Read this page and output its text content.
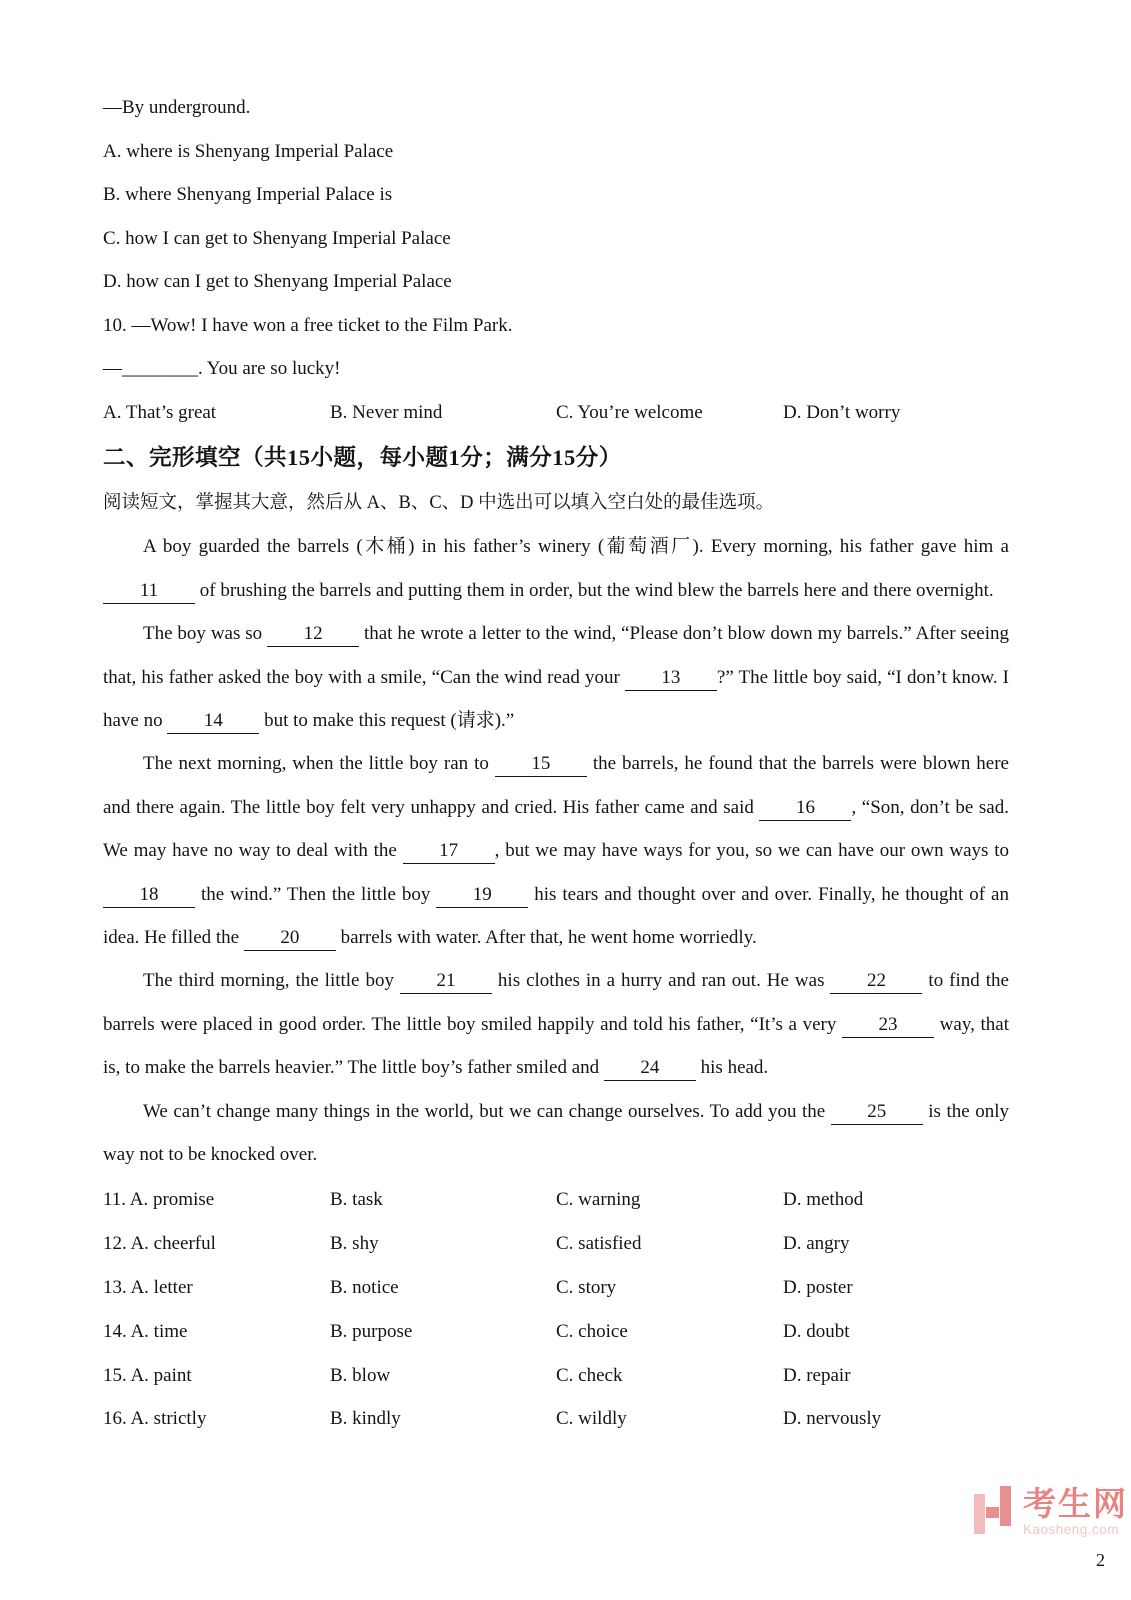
—By underground.
A. where is Shenyang Imperial Palace
B. where Shenyang Imperial Palace is
C. how I can get to Shenyang Imperial Palace
D. how can I get to Shenyang Imperial Palace
10. —Wow! I have won a free ticket to the Film Park.
—________. You are so lucky!
A. That’s great	B. Never mind	C. You’re welcome	D. Don’t worry
二、完形填空（共15小题，每小题1分；满分15分）
阅读短文，掌握其大意，然后从 A、B、C、D 中选出可以填入空白处的最佳选项。
A boy guarded the barrels (木桶) in his father’s winery (葡萄酒厂). Every morning, his father gave him a   11   of brushing the barrels and putting them in order, but the wind blew the barrels here and there overnight.
The boy was so   12   that he wrote a letter to the wind, “Please don’t blow down my barrels.” After seeing that, his father asked the boy with a smile, “Can the wind read your   13  ?” The little boy said, “I don’t know. I have no   14   but to make this request (请求).”
The next morning, when the little boy ran to   15   the barrels, he found that the barrels were blown here and there again. The little boy felt very unhappy and cried. His father came and said   16  , “Son, don’t be sad. We may have no way to deal with the   17  , but we may have ways for you, so we can have our own ways to   18   the wind.” Then the little boy   19   his tears and thought over and over. Finally, he thought of an idea. He filled the   20   barrels with water. After that, he went home worriedly.
The third morning, the little boy   21   his clothes in a hurry and ran out. He was   22   to find the barrels were placed in good order. The little boy smiled happily and told his father, “It’s a very   23   way, that is, to make the barrels heavier.” The little boy’s father smiled and   24   his head.
We can’t change many things in the world, but we can change ourselves. To add you the   25   is the only way not to be knocked over.
11. A. promise	B. task	C. warning	D. method
12. A. cheerful	B. shy	C. satisfied	D. angry
13. A. letter	B. notice	C. story	D. poster
14. A. time	B. purpose	C. choice	D. doubt
15. A. paint	B. blow	C. check	D. repair
16. A. strictly	B. kindly	C. wildly	D. nervously
考生网
Kaosheng.com
2
